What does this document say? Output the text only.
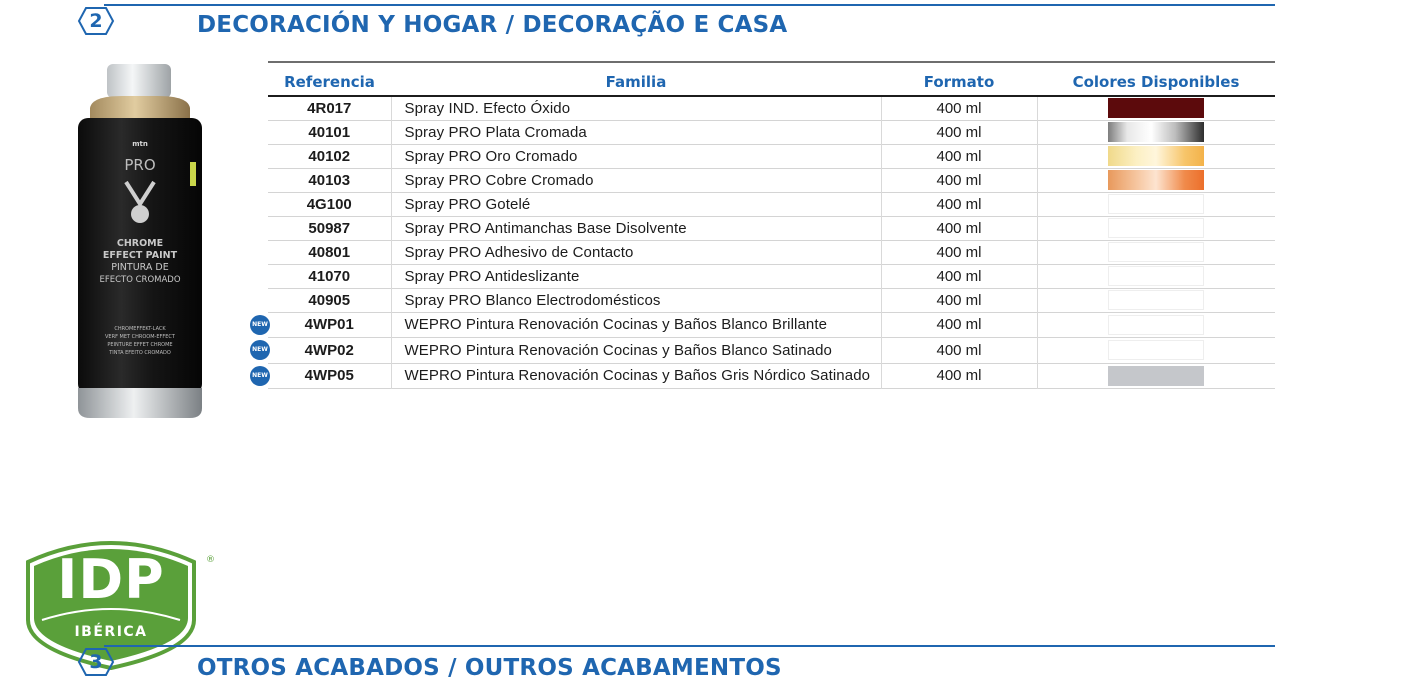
2	DECORACIÓN Y HOGAR / DECORAÇÃO E CASA
mtn
PRO
CHROME
EFFECT PAINT
PINTURA DE
EFECTO CROMADO
CHROMEFFEKT-LACK
VERF MET CHROOM-EFFECT
PEINTURE EFFET CHROME
TINTA EFEITO CROMADO
Referencia	Familia	Formato	Colores Disponibles
4R017	Spray IND. Efecto Óxido	400 ml	
40101	Spray PRO Plata Cromada	400 ml	
40102	Spray PRO Oro Cromado	400 ml	
40103	Spray PRO Cobre Cromado	400 ml	
4G100	Spray PRO Gotelé	400 ml	
50987	Spray PRO Antimanchas Base Disolvente	400 ml	
40801	Spray PRO Adhesivo de Contacto	400 ml	
41070	Spray PRO Antideslizante	400 ml	
40905	Spray PRO Blanco Electrodomésticos	400 ml	
4WP01	WEPRO Pintura Renovación Cocinas y Baños Blanco Brillante	400 ml	
4WP02	WEPRO Pintura Renovación Cocinas y Baños Blanco Satinado	400 ml	
4WP05	WEPRO Pintura Renovación Cocinas y Baños Gris Nórdico Satinado	400 ml	
NEW
NEW
NEW
®
IDP
IBÉRICA
3	OTROS ACABADOS / OUTROS ACABAMENTOS
